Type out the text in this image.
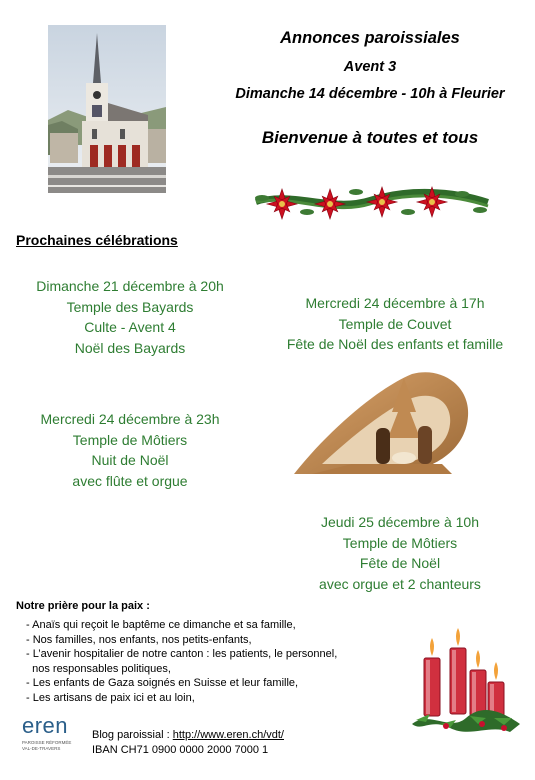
Annonces paroissiales
Avent 3
Dimanche 14 décembre - 10h à Fleurier
Bienvenue à toutes et tous
Prochaines célébrations
Dimanche 21 décembre à 20h
Temple des Bayards
Culte - Avent 4
Noël des Bayards
Mercredi 24 décembre à 17h
Temple de Couvet
Fête de Noël des enfants et famille
Mercredi 24 décembre à 23h
Temple de Môtiers
Nuit de Noël
avec flûte et orgue
Jeudi 25 décembre à 10h
Temple de Môtiers
Fête de Noël
avec orgue et 2 chanteurs
Notre prière pour la paix :
- Anaïs qui reçoit le baptême ce dimanche et sa famille,
- Nos familles, nos enfants, nos petits-enfants,
- L’avenir hospitalier de notre canton : les patients, le personnel,
nos responsables politiques,
- Les enfants de Gaza soignés en Suisse et leur famille,
- Les artisans de paix ici et au loin,
eren
PAROISSE RÉFORMÉE
VAL-DE-TRAVERS
Blog paroissial : http://www.eren.ch/vdt/
IBAN CH71 0900 0000 2000 7000 1
